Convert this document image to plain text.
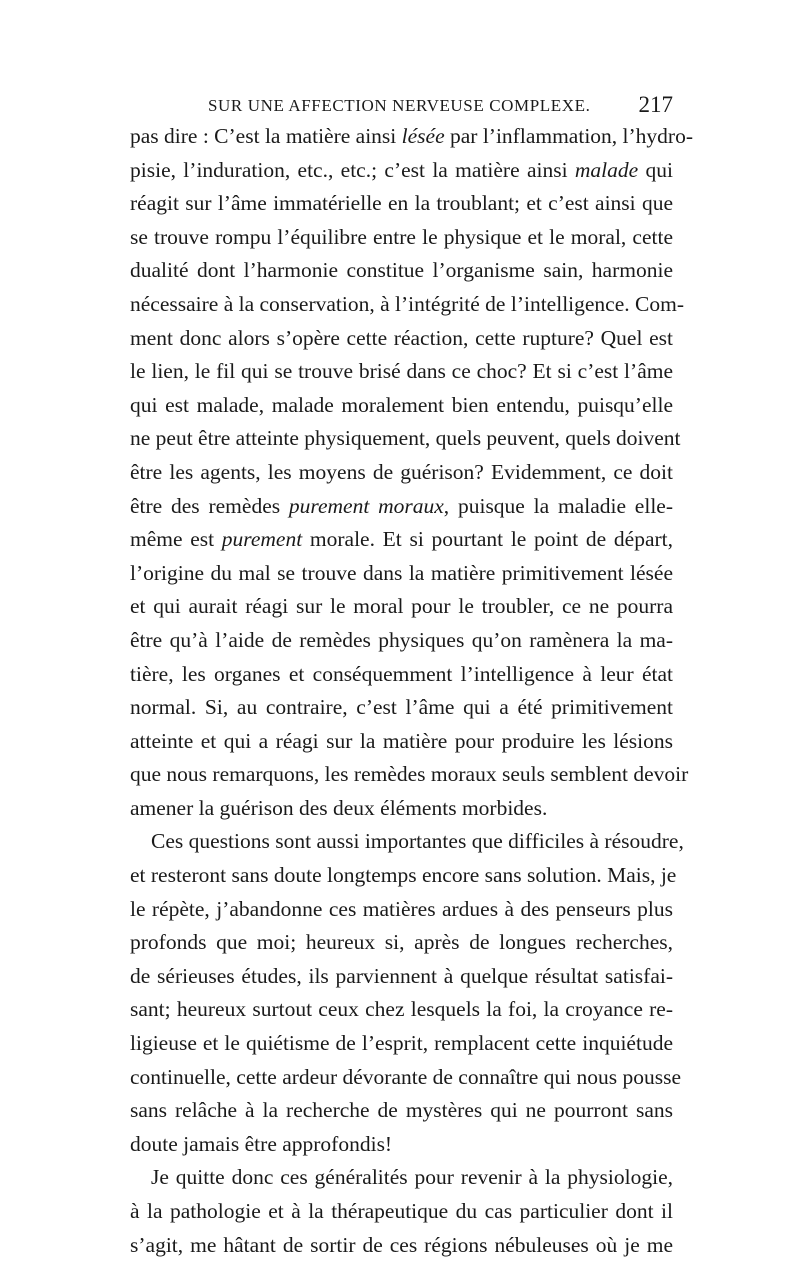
SUR UNE AFFECTION NERVEUSE COMPLEXE. 217
pas dire : C’est la matière ainsi lésée par l’inflammation, l’hydro-
pisie, l’induration, etc., etc.; c’est la matière ainsi malade qui
réagit sur l’âme immatérielle en la troublant; et c’est ainsi que
se trouve rompu l’équilibre entre le physique et le moral, cette
dualité dont l’harmonie constitue l’organisme sain, harmonie
nécessaire à la conservation, à l’intégrité de l’intelligence. Com-
ment donc alors s’opère cette réaction, cette rupture? Quel est
le lien, le fil qui se trouve brisé dans ce choc? Et si c’est l’âme
qui est malade, malade moralement bien entendu, puisqu’elle
ne peut être atteinte physiquement, quels peuvent, quels doivent
être les agents, les moyens de guérison? Evidemment, ce doit
être des remèdes purement moraux, puisque la maladie elle-
même est purement morale. Et si pourtant le point de départ,
l’origine du mal se trouve dans la matière primitivement lésée
et qui aurait réagi sur le moral pour le troubler, ce ne pourra
être qu’à l’aide de remèdes physiques qu’on ramènera la ma-
tière, les organes et conséquemment l’intelligence à leur état
normal. Si, au contraire, c’est l’âme qui a été primitivement
atteinte et qui a réagi sur la matière pour produire les lésions
que nous remarquons, les remèdes moraux seuls semblent devoir
amener la guérison des deux éléments morbides.
Ces questions sont aussi importantes que difficiles à résoudre,
et resteront sans doute longtemps encore sans solution. Mais, je
le répète, j’abandonne ces matières ardues à des penseurs plus
profonds que moi; heureux si, après de longues recherches,
de sérieuses études, ils parviennent à quelque résultat satisfai-
sant; heureux surtout ceux chez lesquels la foi, la croyance re-
ligieuse et le quiétisme de l’esprit, remplacent cette inquiétude
continuelle, cette ardeur dévorante de connaître qui nous pousse
sans relâche à la recherche de mystères qui ne pourront sans
doute jamais être approfondis!
Je quitte donc ces généralités pour revenir à la physiologie,
à la pathologie et à la thérapeutique du cas particulier dont il
s’agit, me hâtant de sortir de ces régions nébuleuses où je me
